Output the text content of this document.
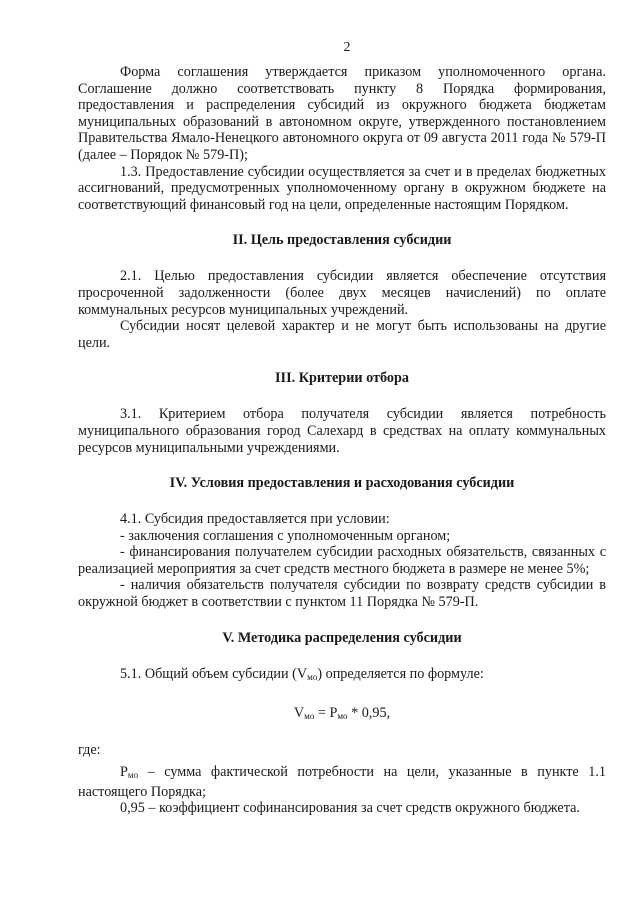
2

Форма соглашения утверждается приказом уполномоченного органа. Соглашение должно соответствовать пункту 8 Порядка формирования, предоставления и распределения субсидий из окружного бюджета бюджетам муниципальных образований в автономном округе, утвержденного постановлением Правительства Ямало-Ненецкого автономного округа от 09 августа 2011 года № 579-П (далее – Порядок № 579-П);

1.3. Предоставление субсидии осуществляется за счет и в пределах бюджетных ассигнований, предусмотренных уполномоченному органу в окружном бюджете на соответствующий финансовый год на цели, определенные настоящим Порядком.

II. Цель предоставления субсидии

2.1. Целью предоставления субсидии является обеспечение отсутствия просроченной задолженности (более двух месяцев начислений) по оплате коммунальных ресурсов муниципальных учреждений.

Субсидии носят целевой характер и не могут быть использованы на другие цели.

III. Критерии отбора

3.1. Критерием отбора получателя субсидии является потребность муниципального образования город Салехард в средствах на оплату коммунальных ресурсов муниципальными учреждениями.

IV. Условия предоставления и расходования субсидии

4.1. Субсидия предоставляется при условии:

- заключения соглашения с уполномоченным органом;

- финансирования получателем субсидии расходных обязательств, связанных с реализацией мероприятия за счет средств местного бюджета в размере не менее 5%;

- наличия обязательств получателя субсидии по возврату средств субсидии в окружной бюджет в соответствии с пунктом 11 Порядка № 579-П.

V. Методика распределения субсидии

5.1. Общий объем субсидии $(V_{мо})$ определяется по формуле:

$V_{мо} = P_{мо} * 0,95$,
где:

$P_{мо}$ – сумма фактической потребности на цели, указанные в пункте 1.1 настоящего Порядка;

0,95 – коэффициент софинансирования за счет средств окружного бюджета.
